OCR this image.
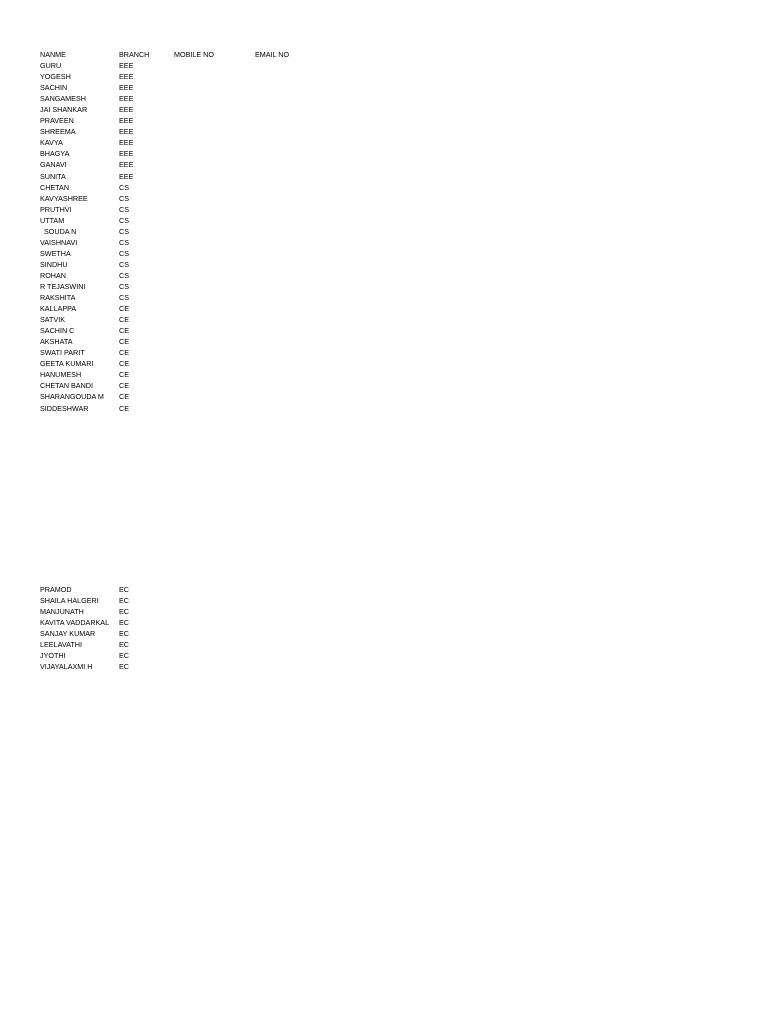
NANME	BRANCH	MOBILE NO	EMAIL NO
GURU	EEE
YOGESH	EEE
SACHIN	EEE
SANGAMESH	EEE
JAI SHANKAR	EEE
PRAVEEN	EEE
SHREEMA	EEE
KAVYA	EEE
BHAGYA	EEE
GANAVI	EEE
SUNITA	EEE
CHETAN	CS
KAVYASHREE	CS
PRUTHVI	CS
UTTAM	CS
SOUDA N	CS
VAISHNAVI	CS
SWETHA	CS
SINDHU	CS
ROHAN	CS
R TEJASWINI	CS
RAKSHITA	CS
KALLAPPA	CE
SATVIK	CE
SACHIN C	CE
AKSHATA	CE
SWATI PARIT	CE
GEETA KUMARI	CE
HANUMESH	CE
CHETAN BANDI	CE
SHARANGOUDA M	CE
SIDDESHWAR	CE
PRAMOD	EC
SHAILA HALGERI	EC
MANJUNATH	EC
KAVITA VADDARKAL	EC
SANJAY KUMAR	EC
LEELAVATHI	EC
JYOTHI	EC
VIJAYALAXMI H	EC
